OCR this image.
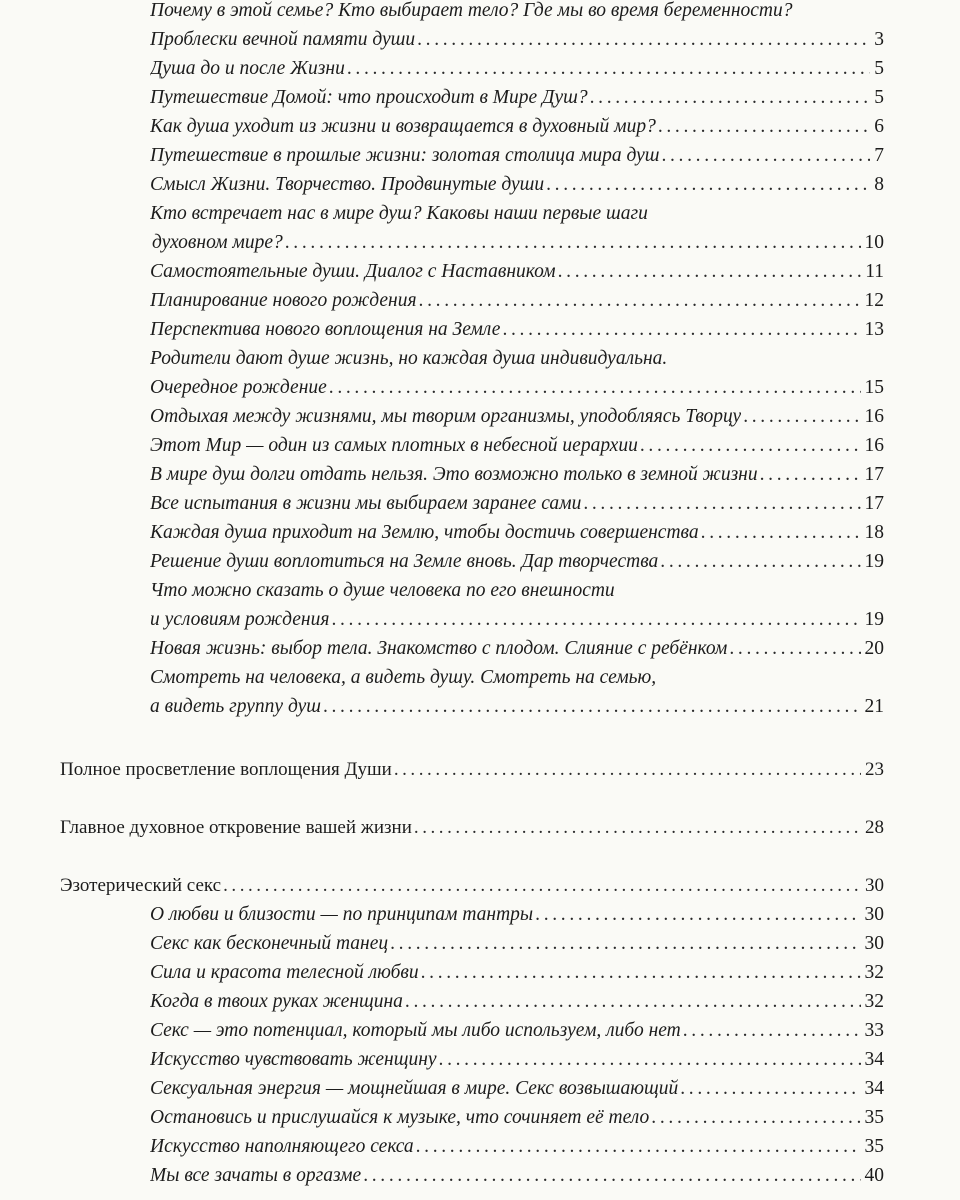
Почему в этой семье? Кто выбирает тело? Где мы во время беременности?
Проблески вечной памяти души . . .	3
Душа до и после Жизни . . .	5
Путешествие Домой: что происходит в Мире Душ? . . .	5
Как душа уходит из жизни и возвращается в духовный мир? . . .	6
Путешествие в прошлые жизни: золотая столица мира душ . . .	7
Смысл Жизни. Творчество. Продвинутые души . . .	8
Кто встречает нас в мире душ? Каковы наши первые шаги
духовном мире? . . .	10
Самостоятельные души. Диалог с Наставником . . .	11
Планирование нового рождения . . .	12
Перспектива нового воплощения на Земле . . .	13
Родители дают душе жизнь, но каждая душа индивидуальна.
Очередное рождение . . .	15
Отдыхая между жизнями, мы творим организмы, уподобляясь Творцу . . .	16
Этот Мир — один из самых плотных в небесной иерархии . . .	16
В мире душ долги отдать нельзя. Это возможно только в земной жизни . . .	17
Все испытания в жизни мы выбираем заранее сами . . .	17
Каждая душа приходит на Землю, чтобы достичь совершенства . . .	18
Решение души воплотиться на Земле вновь. Дар творчества . . .	19
Что можно сказать о душе человека по его внешности
и условиям рождения . . .	19
Новая жизнь: выбор тела. Знакомство с плодом. Слияние с ребёнком . . .	20
Смотреть на человека, а видеть душу. Смотреть на семью,
а видеть группу душ . . .	21
Полное просветление воплощения Души . . .	23
Главное духовное откровение вашей жизни . . .	28
Эзотерический секс . . .	30
О любви и близости — по принципам тантры . . .	30
Секс как бесконечный танец . . .	30
Сила и красота телесной любви . . .	32
Когда в твоих руках женщина . . .	32
Секс — это потенциал, который мы либо используем, либо нет . . .	33
Искусство чувствовать женщину . . .	34
Сексуальная энергия — мощнейшая в мире. Секс возвышающий . . .	34
Остановись и прислушайся к музыке, что сочиняет её тело . . .	35
Искусство наполняющего секса . . .	35
Мы все зачаты в оргазме . . .	40
